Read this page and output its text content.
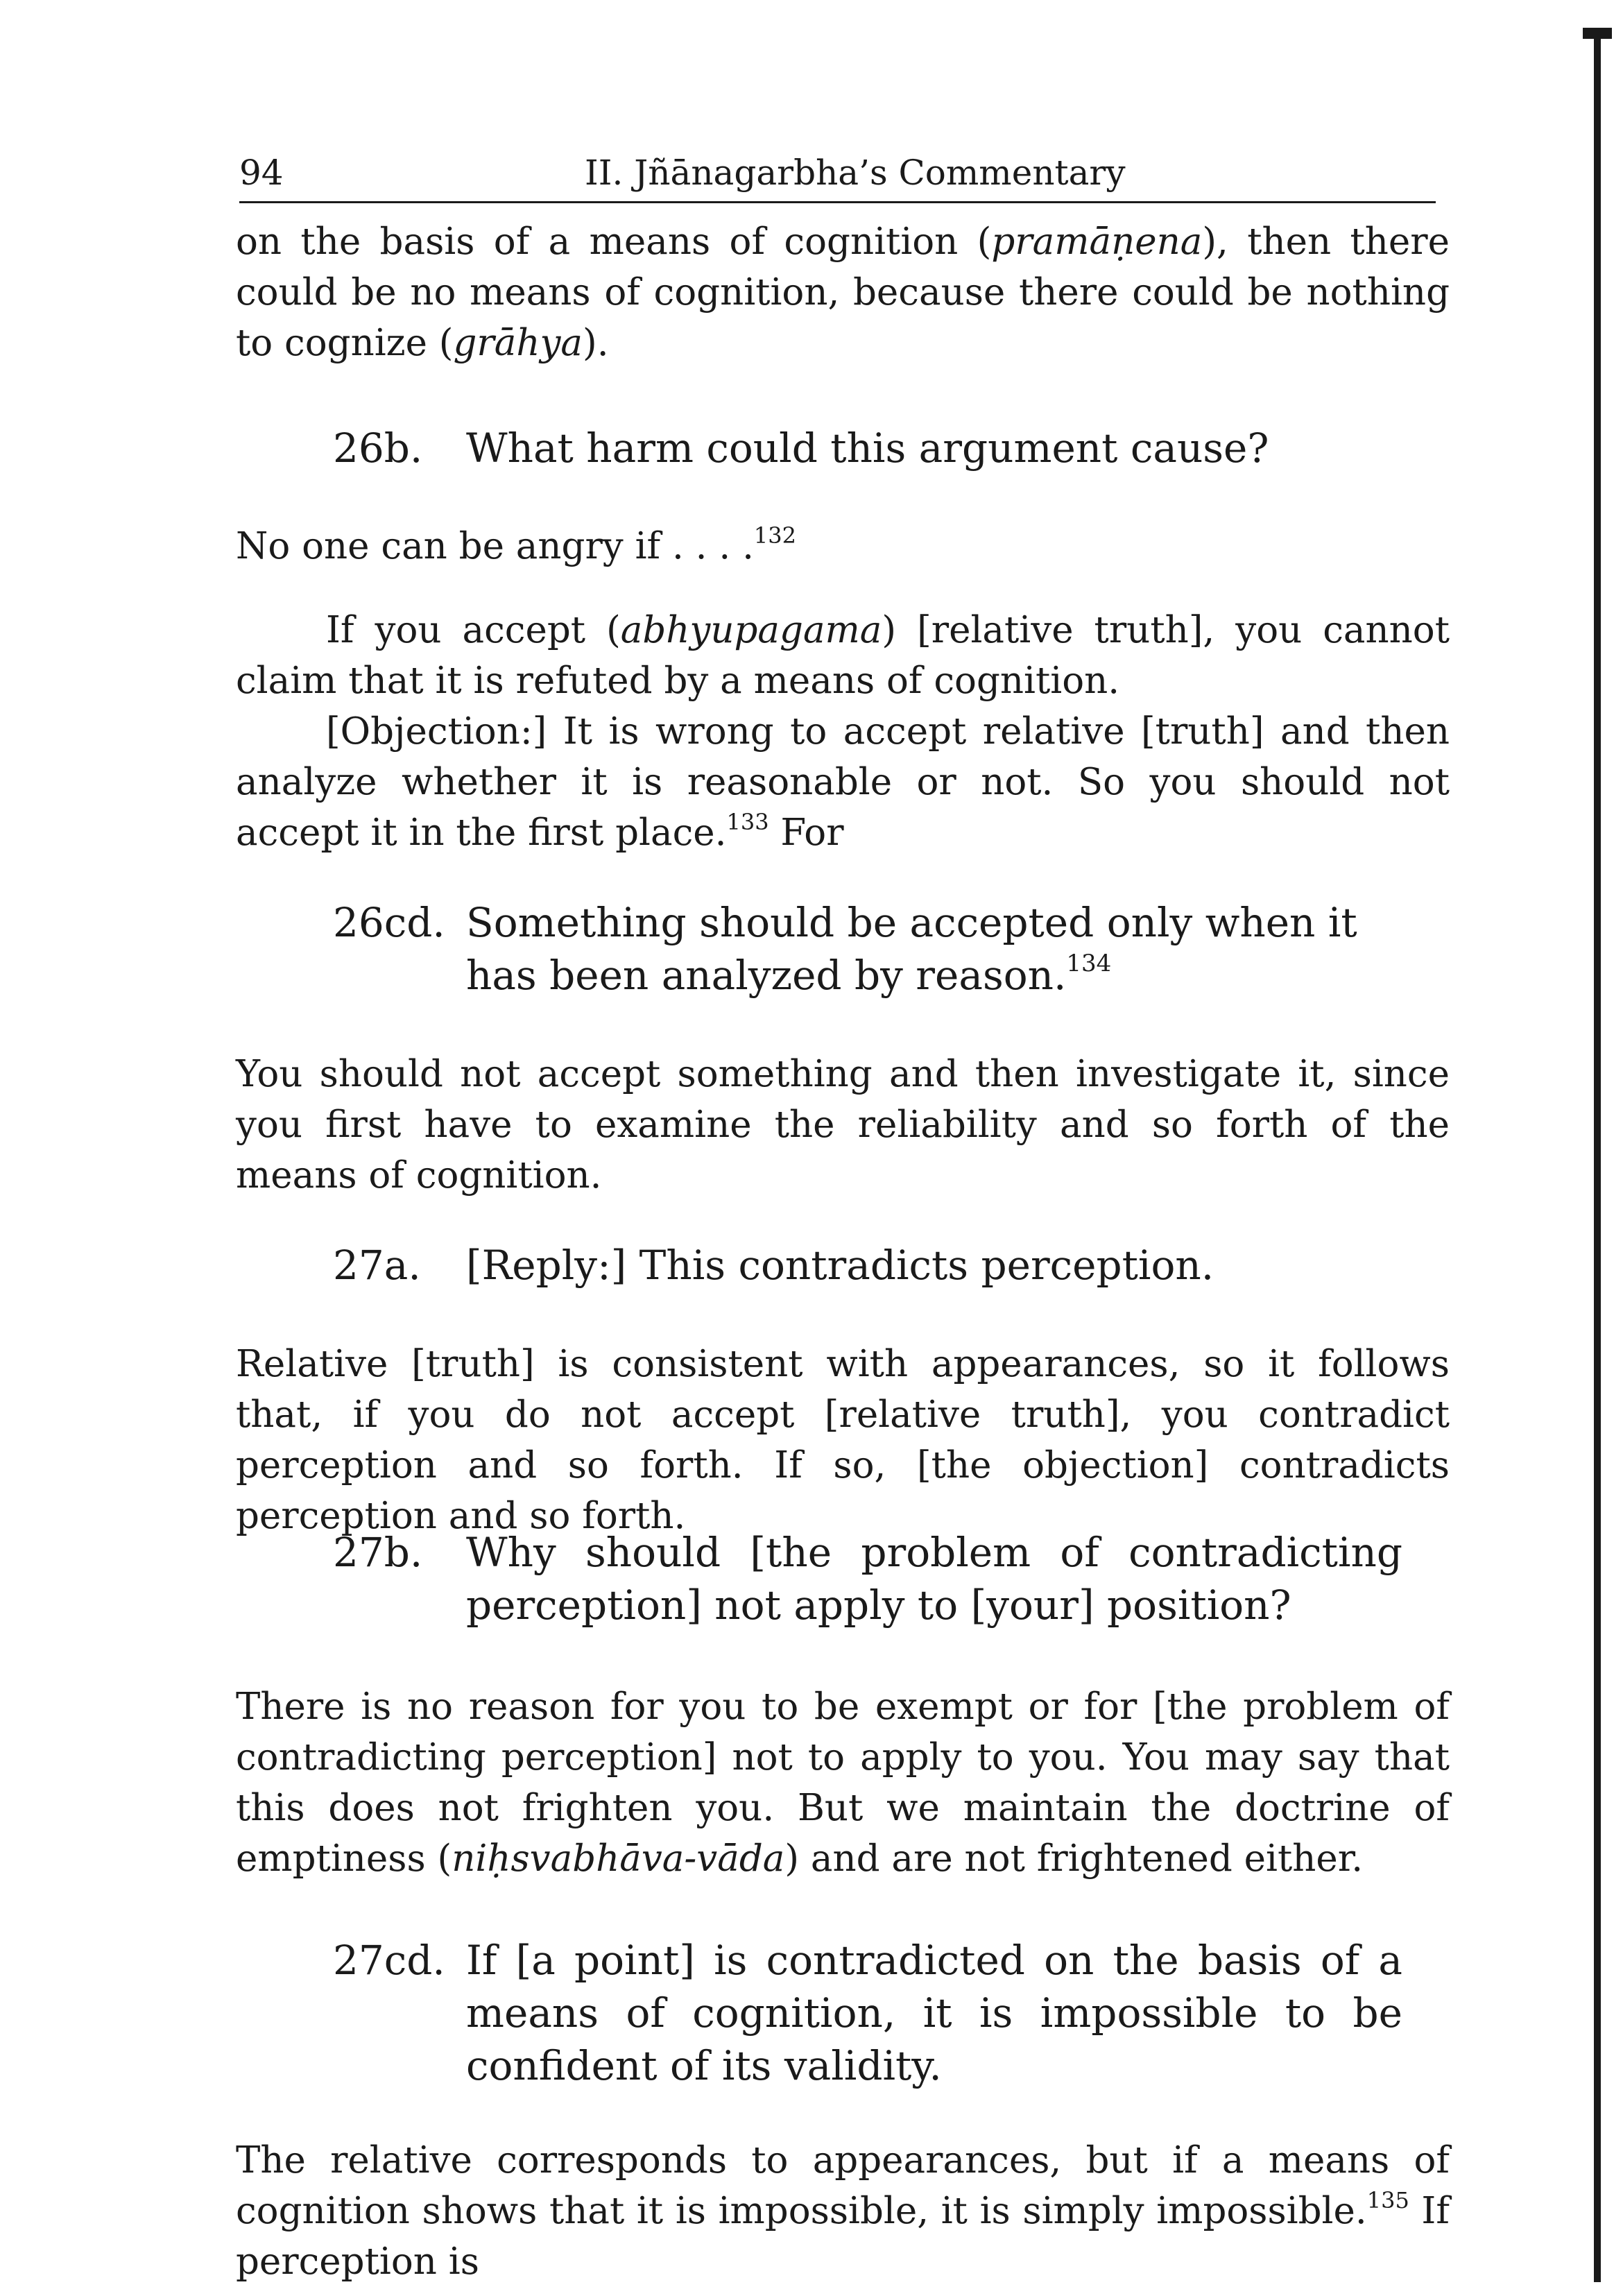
94	II. Jñānagarbha’s Commentary

on the basis of a means of cognition (pramāṇena), then there could be no means of cognition, because there could be nothing to cognize (grāhya).

26b. What harm could this argument cause?

No one can be angry if . . . .$^{132}$

If you accept (abhyupagama) [relative truth], you cannot claim that it is refuted by a means of cognition.

[Objection:] It is wrong to accept relative [truth] and then analyze whether it is reasonable or not. So you should not accept it in the first place.$^{133}$ For

26cd. Something should be accepted only when it has been analyzed by reason.$^{134}$

You should not accept something and then investigate it, since you first have to examine the reliability and so forth of the means of cognition.

27a. [Reply:] This contradicts perception.

Relative [truth] is consistent with appearances, so it follows that, if you do not accept [relative truth], you contradict perception and so forth. If so, [the objection] contradicts perception and so forth.

27b. Why should [the problem of contradicting perception] not apply to [your] position?

There is no reason for you to be exempt or for [the problem of contradicting perception] not to apply to you. You may say that this does not frighten you. But we maintain the doctrine of emptiness (niḥsvabhāva-vāda) and are not frightened either.

27cd. If [a point] is contradicted on the basis of a means of cognition, it is impossible to be confident of its validity.

The relative corresponds to appearances, but if a means of cognition shows that it is impossible, it is simply impossible.$^{135}$ If perception is
